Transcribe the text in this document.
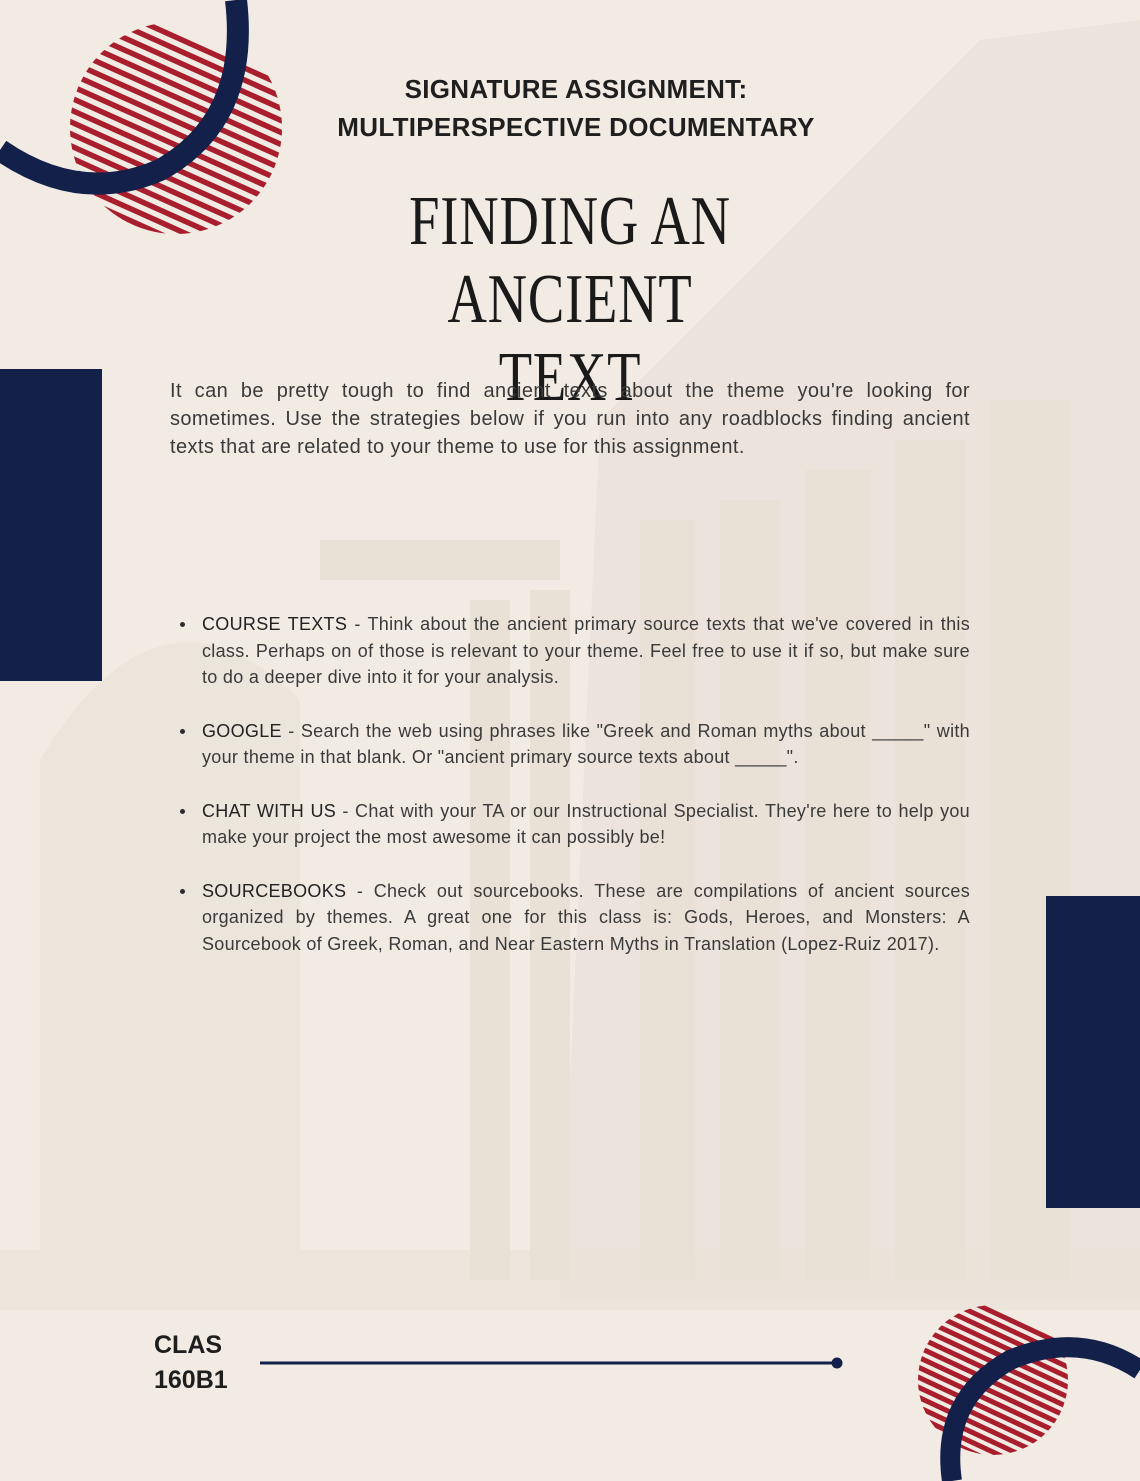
SIGNATURE ASSIGNMENT:
MULTIPERSPECTIVE DOCUMENTARY
FINDING AN ANCIENT
TEXT
It can be pretty tough to find ancient texts about the theme you're looking for sometimes. Use the strategies below if you run into any roadblocks finding ancient texts that are related to your theme to use for this assignment.
COURSE TEXTS - Think about the ancient primary source texts that we've covered in this class. Perhaps on of those is relevant to your theme. Feel free to use it if so, but make sure to do a deeper dive into it for your analysis.
GOOGLE - Search the web using phrases like "Greek and Roman myths about _____" with your theme in that blank. Or "ancient primary source texts about _____".
CHAT WITH US - Chat with your TA or our Instructional Specialist. They're here to help you make your project the most awesome it can possibly be!
SOURCEBOOKS - Check out sourcebooks. These are compilations of ancient sources organized by themes. A great one for this class is: Gods, Heroes, and Monsters: A Sourcebook of Greek, Roman, and Near Eastern Myths in Translation (Lopez-Ruiz 2017).
CLAS
160B1
